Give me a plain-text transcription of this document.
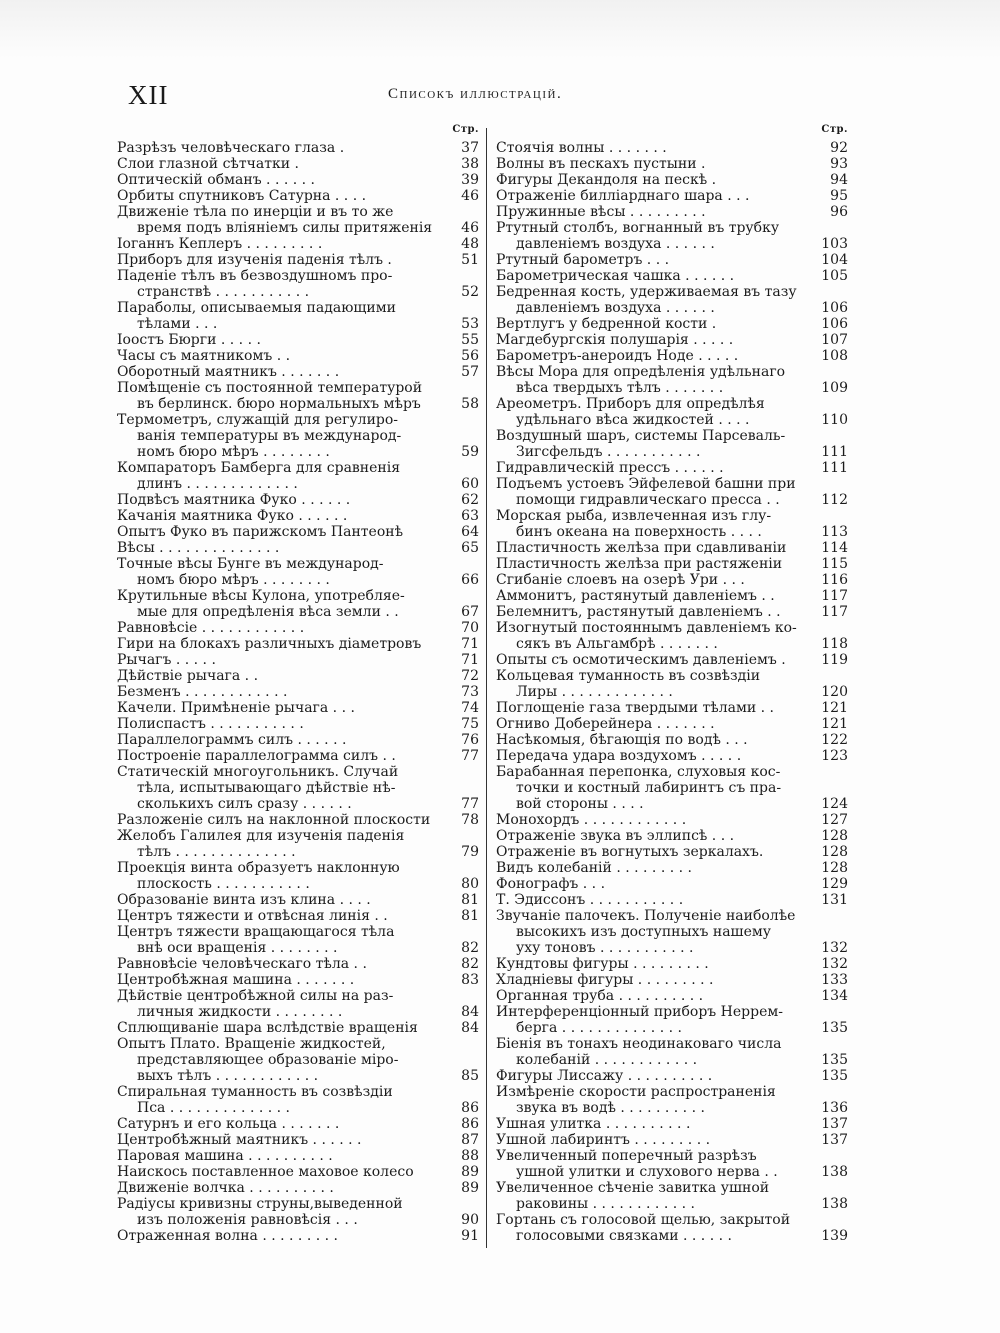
XII	Списокъ иллюстрацій.
Стр.
Разрѣзъ человѣческаго глаза .	37
Слои глазной сѣтчатки .	38
Оптическій обманъ . . . . . .	39
Орбиты спутниковъ Сатурна . . . .	46
Движеніе тѣла по инерціи и въ то же
время подъ вліяніемъ силы притяженія	46
Іоганнъ Кеплеръ . . . . . . . . .	48
Приборъ для изученія паденія тѣлъ .	51
Паденіе тѣлъ въ безвоздушномъ про-
странствѣ . . . . . . . . . . .	52
Параболы, описываемыя падающими
тѣлами . . .	53
Іоостъ Бюрги . . . . .	55
Часы съ маятникомъ . .	56
Оборотный маятникъ . . . . . . .	57
Помѣщеніе съ постоянной температурой
въ берлинск. бюро нормальныхъ мѣръ	58
Термометръ, служащій для регулиро-
ванія температуры въ международ-
номъ бюро мѣръ . . . . . . . .	59
Компараторъ Бамберга для сравненія
длинъ . . . . . . . . . . . . .	60
Подвѣсъ маятника Фуко . . . . . .	62
Качанія маятника Фуко . . . . . .	63
Опытъ Фуко въ парижскомъ Пантеонѣ	64
Вѣсы . . . . . . . . . . . . . .	65
Точные вѣсы Бунге въ международ-
номъ бюро мѣръ . . . . . . . .	66
Крутильные вѣсы Кулона, употребляе-
мые для опредѣленія вѣса земли . .	67
Равновѣсіе . . . . . . . . . . . .	70
Гири на блокахъ различныхъ діаметровъ	71
Рычагъ . . . . .	71
Дѣйствіе рычага . .	72
Безменъ . . . . . . . . . . . .	73
Качели. Примѣненіе рычага . . .	74
Полиспастъ . . . . . . . . . . .	75
Параллелограммъ силъ . . . . . .	76
Построеніе параллелограмма силъ . .	77
Статическій многоугольникъ. Случай
тѣла, испытывающаго дѣйствіе нѣ-
сколькихъ силъ сразу . . . . . .	77
Разложеніе силъ на наклонной плоскости	78
Желобъ Галилея для изученія паденія
тѣлъ . . . . . . . . . . . . . .	79
Проекція винта образуетъ наклонную
плоскость . . . . . . . . . . .	80
Образованіе винта изъ клина . . . .	81
Центръ тяжести и отвѣсная линія . .	81
Центръ тяжести вращающагося тѣла
внѣ оси вращенія . . . . . . . .	82
Равновѣсіе человѣческаго тѣла . .	82
Центробѣжная машина . . . . . . .	83
Дѣйствіе центробѣжной силы на раз-
личныя жидкости . . . . . . . .	84
Сплющиваніе шара вслѣдствіе вращенія	84
Опытъ Плато. Вращеніе жидкостей,
представляющее образованіе міро-
выхъ тѣлъ . . . . . . . . . . . .	85
Спиральная туманность въ созвѣздіи
Пса . . . . . . . . . . . . . .	86
Сатурнъ и его кольца . . . . . . .	86
Центробѣжный маятникъ . . . . . .	87
Паровая машина . . . . . . . . . .	88
Наискось поставленное маховое колесо	89
Движеніе волчка . . . . . . . . . .	89
Радіусы кривизны струны,выведенной
изъ положенія равновѣсія . . .	90
Отраженная волна . . . . . . . . .	91
Стр.
Стоячія волны . . . . . . .	92
Волны въ пескахъ пустыни .	93
Фигуры Декандоля на пескѣ .	94
Отраженіе билліарднаго шара . . .	95
Пружинные вѣсы . . . . . . . . .	96
Ртутный столбъ, вогнанный въ трубку
давленіемъ воздуха . . . . . .	103
Ртутный барометръ . . .	104
Барометрическая чашка . . . . . .	105
Бедренная кость, удерживаемая въ тазу
давленіемъ воздуха . . . . . .	106
Вертлугъ у бедренной кости .	106
Магдебургскія полушарія . . . . .	107
Барометръ-анероидъ Ноде . . . . .	108
Вѣсы Мора для опредѣленія удѣльнаго
вѣса твердыхъ тѣлъ . . . . . . .	109
Ареометръ. Приборъ для опредѣлѣя
удѣльнаго вѣса жидкостей . . . .	110
Воздушный шаръ, системы Парсеваль-
Зигсфельдъ . . . . . . . . . . .	111
Гидравлическій прессъ . . . . . .	111
Подъемъ устоевъ Эйфелевой башни при
помощи гидравлическаго пресса . .	112
Морская рыба, извлеченная изъ глу-
бинъ океана на поверхность . . . .	113
Пластичность желѣза при сдавливаніи	114
Пластичность желѣза при растяженіи	115
Сгибаніе слоевъ на озерѣ Ури . . .	116
Аммонитъ, растянутый давленіемъ . .	117
Белемнитъ, растянутый давленіемъ . .	117
Изогнутый постояннымъ давленіемъ ко-
сякъ въ Альгамбрѣ . . . . . . .	118
Опыты съ осмотическимъ давленіемъ .	119
Кольцевая туманность въ созвѣздіи
Лиры . . . . . . . . . . . . .	120
Поглощеніе газа твердыми тѣлами . .	121
Огниво Доберейнера . . . . . . .	121
Насѣкомыя, бѣгающія по водѣ . . .	122
Передача удара воздухомъ . . . . .	123
Барабанная перепонка, слуховыя кос-
точки и костный лабиринтъ съ пра-
вой стороны . . . .	124
Монохордъ . . . . . . . . . . . .	127
Отраженіе звука въ эллипсѣ . . .	128
Отраженіе въ вогнутыхъ зеркалахъ.	128
Видъ колебаній . . . . . . . . .	128
Фонографъ . . .	129
Т. Эдиссонъ . . . . . . . . . . .	131
Звучаніе палочекъ. Полученіе наиболѣе
высокихъ изъ доступныхъ нашему
уху тоновъ . . . . . . . . . . .	132
Кундтовы фигуры . . . . . . . . .	132
Хладніевы фигуры . . . . . . . . .	133
Органная труба . . . . . . . . . .	134
Интерференціонный приборъ Неррем-
берга . . . . . . . . . . . . . .	135
Біенія въ тонахъ неодинаковаго числа
колебаній . . . . . . . . . . . .	135
Фигуры Лиссажу . . . . . . . . . .	135
Измѣреніе скорости распространенія
звука въ водѣ . . . . . . . . . .	136
Ушная улитка . . . . . . . . . .	137
Ушной лабиринтъ . . . . . . . . .	137
Увеличенный поперечный разрѣзъ
ушной улитки и слухового нерва . .	138
Увеличенное сѣченіе завитка ушной
раковины . . . . . . . . . . . .	138
Гортань съ голосовой щелью, закрытой
голосовыми связками . . . . . .	139
